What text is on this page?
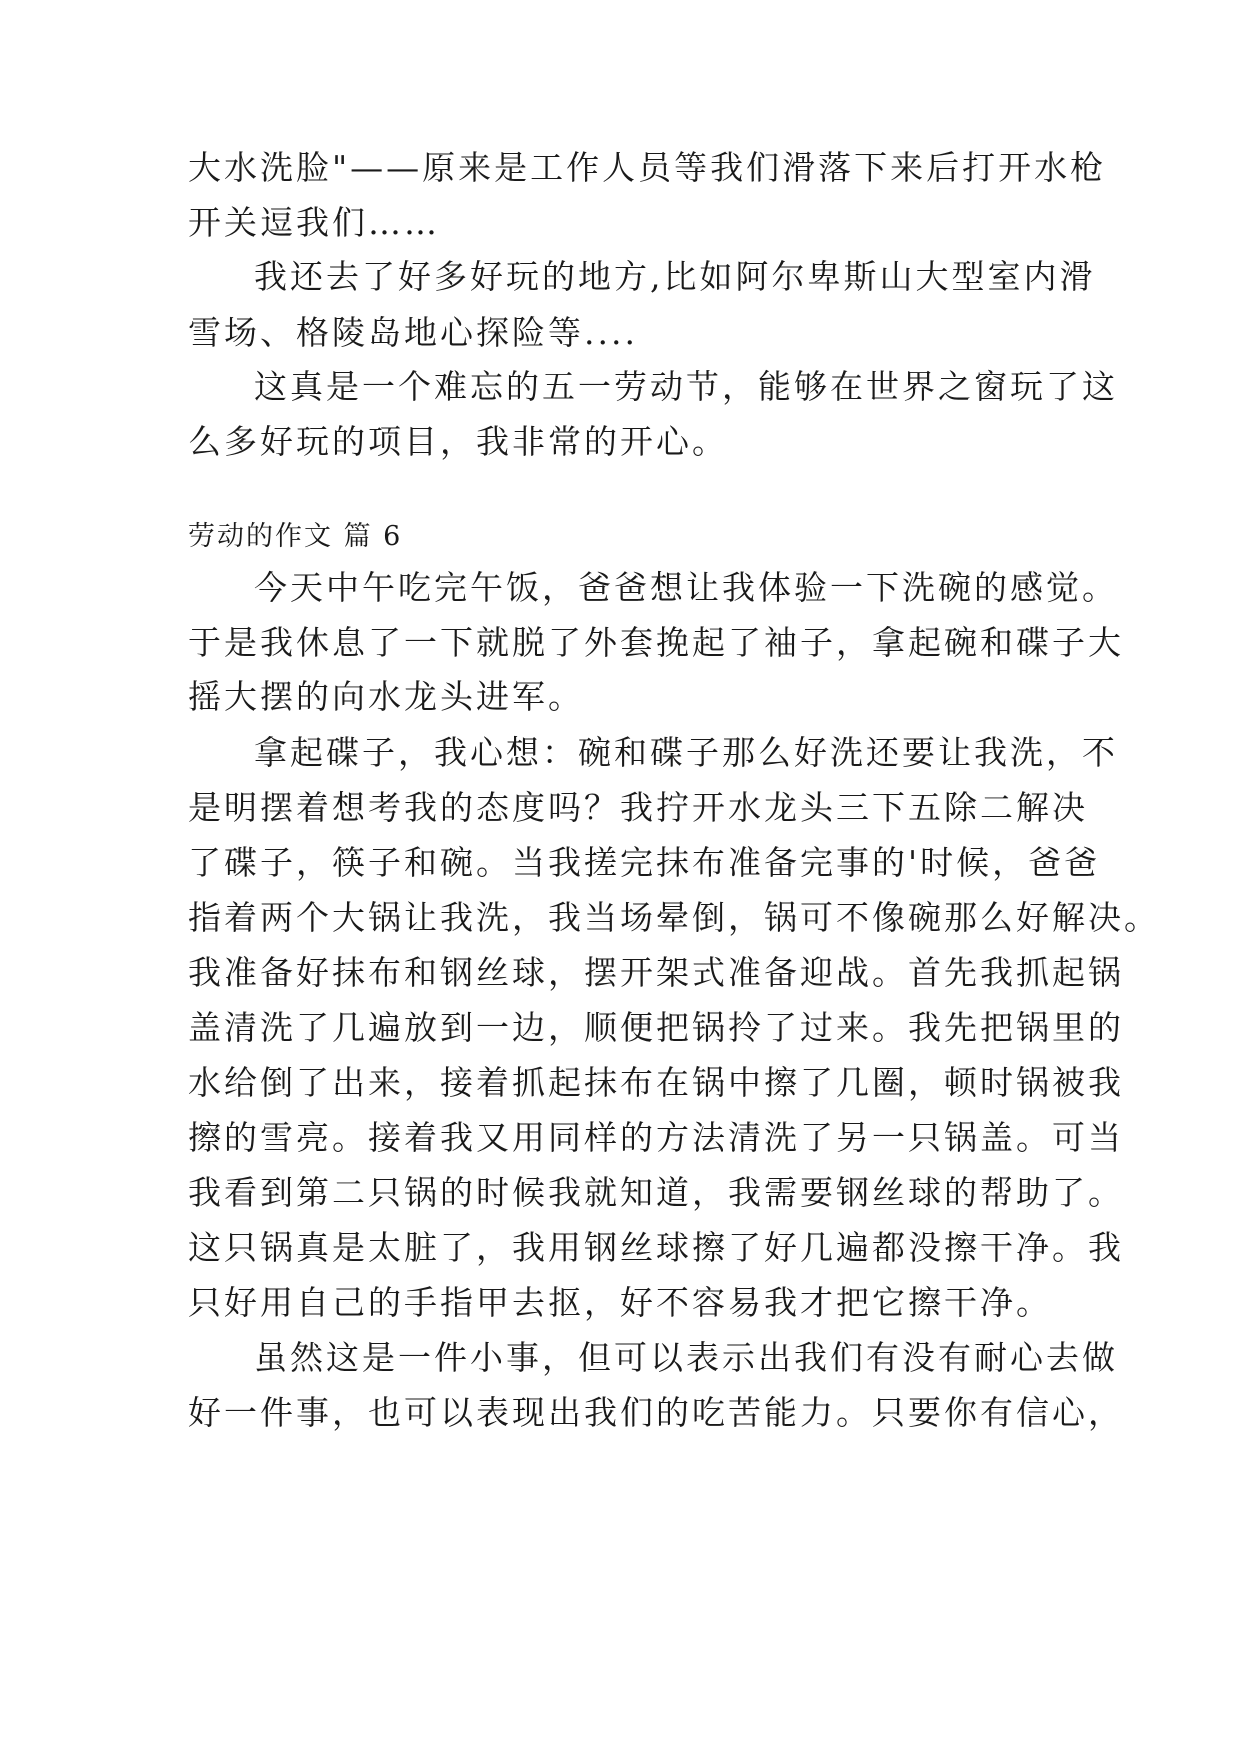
大水洗脸"——原来是工作人员等我们滑落下来后打开水枪
开关逗我们……
我还去了好多好玩的地方,比如阿尔卑斯山大型室内滑
雪场、格陵岛地心探险等....
这真是一个难忘的五一劳动节，能够在世界之窗玩了这
么多好玩的项目，我非常的开心。
劳动的作文 篇 6
今天中午吃完午饭，爸爸想让我体验一下洗碗的感觉。
于是我休息了一下就脱了外套挽起了袖子，拿起碗和碟子大
摇大摆的向水龙头进军。
拿起碟子，我心想：碗和碟子那么好洗还要让我洗，不
是明摆着想考我的态度吗？我拧开水龙头三下五除二解决
了碟子，筷子和碗。当我搓完抹布准备完事的'时候，爸爸
指着两个大锅让我洗，我当场晕倒，锅可不像碗那么好解决。
我准备好抹布和钢丝球，摆开架式准备迎战。首先我抓起锅
盖清洗了几遍放到一边，顺便把锅拎了过来。我先把锅里的
水给倒了出来，接着抓起抹布在锅中擦了几圈，顿时锅被我
擦的雪亮。接着我又用同样的方法清洗了另一只锅盖。可当
我看到第二只锅的时候我就知道，我需要钢丝球的帮助了。
这只锅真是太脏了，我用钢丝球擦了好几遍都没擦干净。我
只好用自己的手指甲去抠，好不容易我才把它擦干净。
虽然这是一件小事，但可以表示出我们有没有耐心去做
好一件事，也可以表现出我们的吃苦能力。只要你有信心，
